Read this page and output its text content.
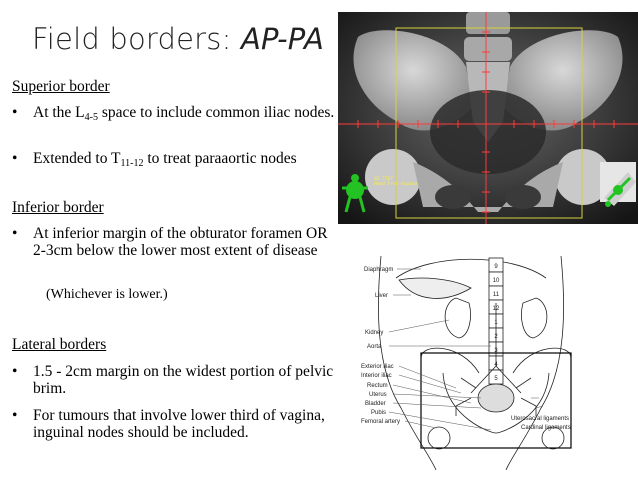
Field borders: AP-PA
Superior border
• At the $L_{4-5}$ space to include common iliac nodes.
• Extended to $T_{11-12}$ to treat paraaortic nodes
Inferior border
• At inferior margin of the obturator foramen OR 2-3cm below the lower most extent of disease
(Whichever is lower.)
Lateral borders
• 1.5 - 2cm margin on the widest portion of pelvic brim.
• For tumours that involve lower third of vagina, inguinal nodes should be included.
XX 7267 Head Frst-Supine
9
10
11
12
1
2
3
4
5
Diaphragm
Liver
Kidney
Aorta
Exterior iliac
Interior iliac
Rectum
Uterus
Bladder
Pubis
Femoral artery	Uterosacral ligaments
Cardinal ligaments
